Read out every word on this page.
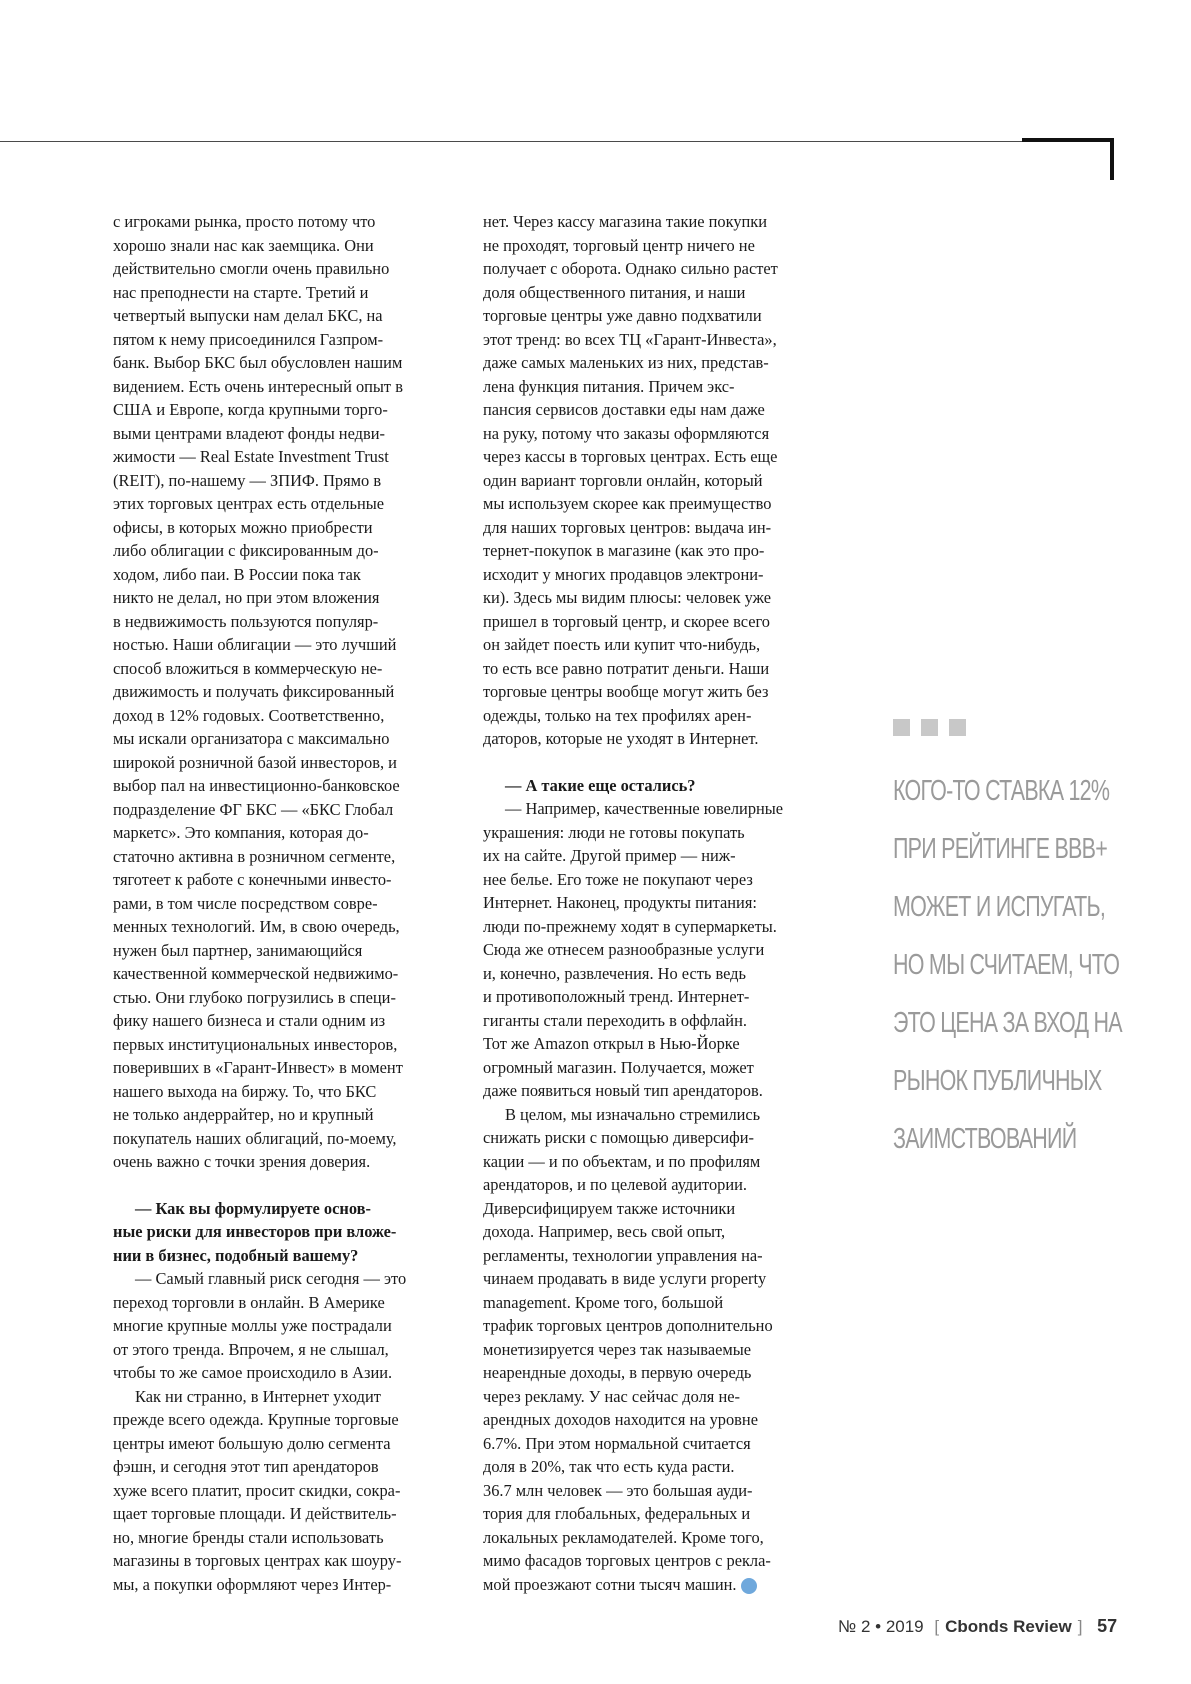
с игроками рынка, просто потому что
хорошо знали нас как заемщика. Они
действительно смогли очень правильно
нас преподнести на старте. Третий и
четвертый выпуски нам делал БКС, на
пятом к нему присоединился Газпром-
банк. Выбор БКС был обусловлен нашим
видением. Есть очень интересный опыт в
США и Европе, когда крупными торго-
выми центрами владеют фонды недви-
жимости — Real Estate Investment Trust
(REIT), по-нашему — ЗПИФ. Прямо в
этих торговых центрах есть отдельные
офисы, в которых можно приобрести
либо облигации с фиксированным до-
ходом, либо паи. В России пока так
никто не делал, но при этом вложения
в недвижимость пользуются популяр-
ностью. Наши облигации — это лучший
способ вложиться в коммерческую не-
движимость и получать фиксированный
доход в 12% годовых. Соответственно,
мы искали организатора с максимально
широкой розничной базой инвесторов, и
выбор пал на инвестиционно-банковское
подразделение ФГ БКС — «БКС Глобал
маркетс». Это компания, которая до-
статочно активна в розничном сегменте,
тяготеет к работе с конечными инвесто-
рами, в том числе посредством совре-
менных технологий. Им, в свою очередь,
нужен был партнер, занимающийся
качественной коммерческой недвижимо-
стью. Они глубоко погрузились в специ-
фику нашего бизнеса и стали одним из
первых институциональных инвесторов,
поверивших в «Гарант-Инвест» в момент
нашего выхода на биржу. То, что БКС
не только андеррайтер, но и крупный
покупатель наших облигаций, по-моему,
очень важно с точки зрения доверия.

— Как вы формулируете основ-
ные риски для инвесторов при вложе-
нии в бизнес, подобный вашему?

— Самый главный риск сегодня — это
переход торговли в онлайн. В Америке
многие крупные моллы уже пострадали
от этого тренда. Впрочем, я не слышал,
чтобы то же самое происходило в Азии.

Как ни странно, в Интернет уходит
прежде всего одежда. Крупные торговые
центры имеют большую долю сегмента
фэшн, и сегодня этот тип арендаторов
хуже всего платит, просит скидки, сокра-
щает торговые площади. И действитель-
но, многие бренды стали использовать
магазины в торговых центрах как шоуру-
мы, а покупки оформляют через Интер-

нет. Через кассу магазина такие покупки
не проходят, торговый центр ничего не
получает с оборота. Однако сильно растет
доля общественного питания, и наши
торговые центры уже давно подхватили
этот тренд: во всех ТЦ «Гарант-Инвеста»,
даже самых маленьких из них, представ-
лена функция питания. Причем экс-
пансия сервисов доставки еды нам даже
на руку, потому что заказы оформляются
через кассы в торговых центрах. Есть еще
один вариант торговли онлайн, который
мы используем скорее как преимущество
для наших торговых центров: выдача ин-
тернет-покупок в магазине (как это про-
исходит у многих продавцов электрони-
ки). Здесь мы видим плюсы: человек уже
пришел в торговый центр, и скорее всего
он зайдет поесть или купит что-нибудь,
то есть все равно потратит деньги. Наши
торговые центры вообще могут жить без
одежды, только на тех профилях арен-
даторов, которые не уходят в Интернет.

— А такие еще остались?

— Например, качественные ювелирные
украшения: люди не готовы покупать
их на сайте. Другой пример — ниж-
нее белье. Его тоже не покупают через
Интернет. Наконец, продукты питания:
люди по-прежнему ходят в супермаркеты.
Сюда же отнесем разнообразные услуги
и, конечно, развлечения. Но есть ведь
и противоположный тренд. Интернет-
гиганты стали переходить в оффлайн.
Тот же Amazon открыл в Нью-Йорке
огромный магазин. Получается, может
даже появиться новый тип арендаторов.

В целом, мы изначально стремились
снижать риски с помощью диверсифи-
кации — и по объектам, и по профилям
арендаторов, и по целевой аудитории.
Диверсифицируем также источники
дохода. Например, весь свой опыт,
регламенты, технологии управления на-
чинаем продавать в виде услуги property
management. Кроме того, большой
трафик торговых центров дополнительно
монетизируется через так называемые
неарендные доходы, в первую очередь
через рекламу. У нас сейчас доля не-
арендных доходов находится на уровне
6.7%. При этом нормальной считается
доля в 20%, так что есть куда расти.
36.7 млн человек — это большая ауди-
тория для глобальных, федеральных и
локальных рекламодателей. Кроме того,
мимо фасадов торговых центров с рекла-
мой проезжают сотни тысяч машин. C

КОГО-ТО СТАВКА 12%
ПРИ РЕЙТИНГЕ BBB+
МОЖЕТ И ИСПУГАТЬ,
НО МЫ СЧИТАЕМ, ЧТО
ЭТО ЦЕНА ЗА ВХОД НА
РЫНОК ПУБЛИЧНЫХ
ЗАИМСТВОВАНИЙ
№ 2 • 2019 [ Cbonds Review ] 57
